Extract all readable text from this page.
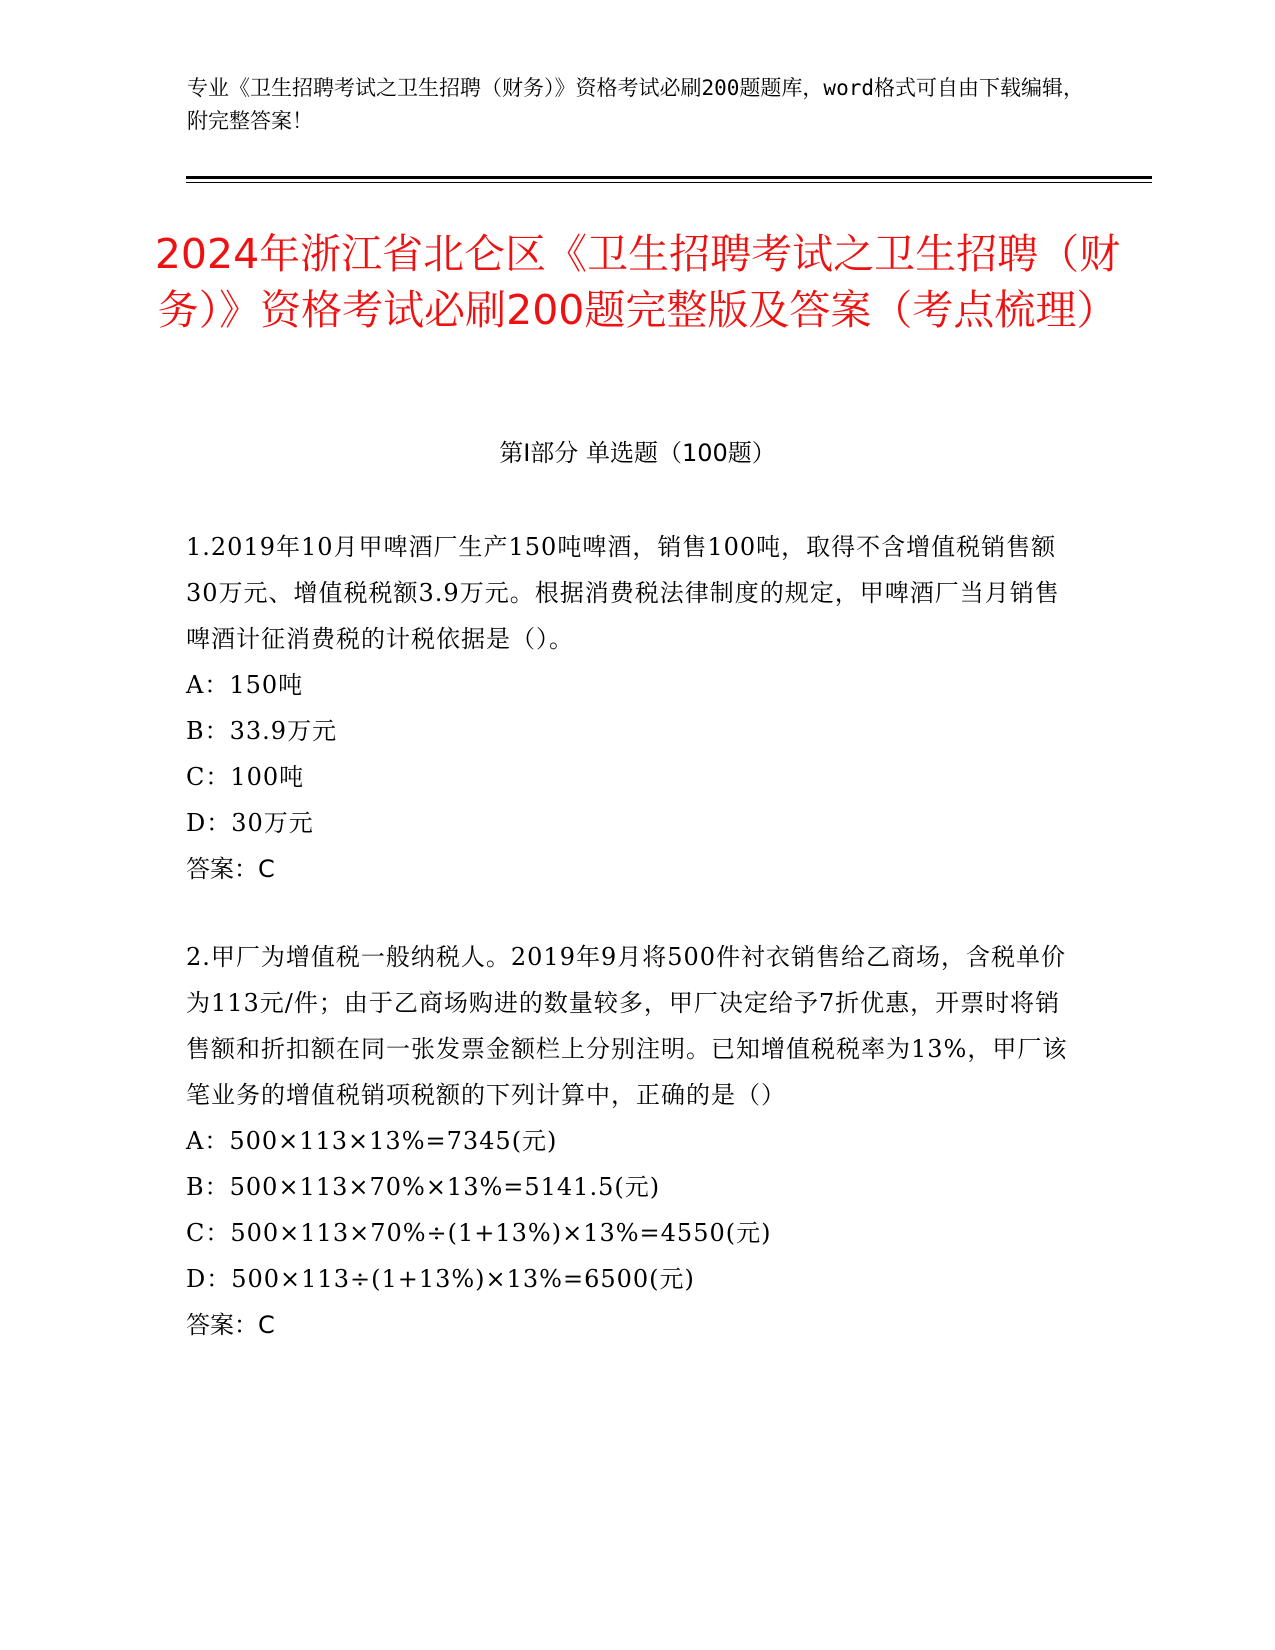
专业《卫生招聘考试之卫生招聘（财务）》资格考试必刷200题题库，word格式可自由下载编辑，附完整答案！

2024年浙江省北仑区《卫生招聘考试之卫生招聘（财务）》资格考试必刷200题完整版及答案（考点梳理）
第Ⅰ部分 单选题（100题）

1.2019年10月甲啤酒厂生产150吨啤酒，销售100吨，取得不含增值税销售额30万元、增值税税额3.9万元。根据消费税法律制度的规定，甲啤酒厂当月销售啤酒计征消费税的计税依据是（）。

A：150吨

B：33.9万元

C：100吨

D：30万元

答案：C

2.甲厂为增值税一般纳税人。2019年9月将500件衬衣销售给乙商场，含税单价为113元/件；由于乙商场购进的数量较多，甲厂决定给予7折优惠，开票时将销售额和折扣额在同一张发票金额栏上分别注明。已知增值税税率为13%，甲厂该笔业务的增值税销项税额的下列计算中，正确的是（）

A：500×113×13%=7345(元)

B：500×113×70%×13%=5141.5(元)

C：500×113×70%÷(1+13%)×13%=4550(元)

D：500×113÷(1+13%)×13%=6500(元)

答案：C
